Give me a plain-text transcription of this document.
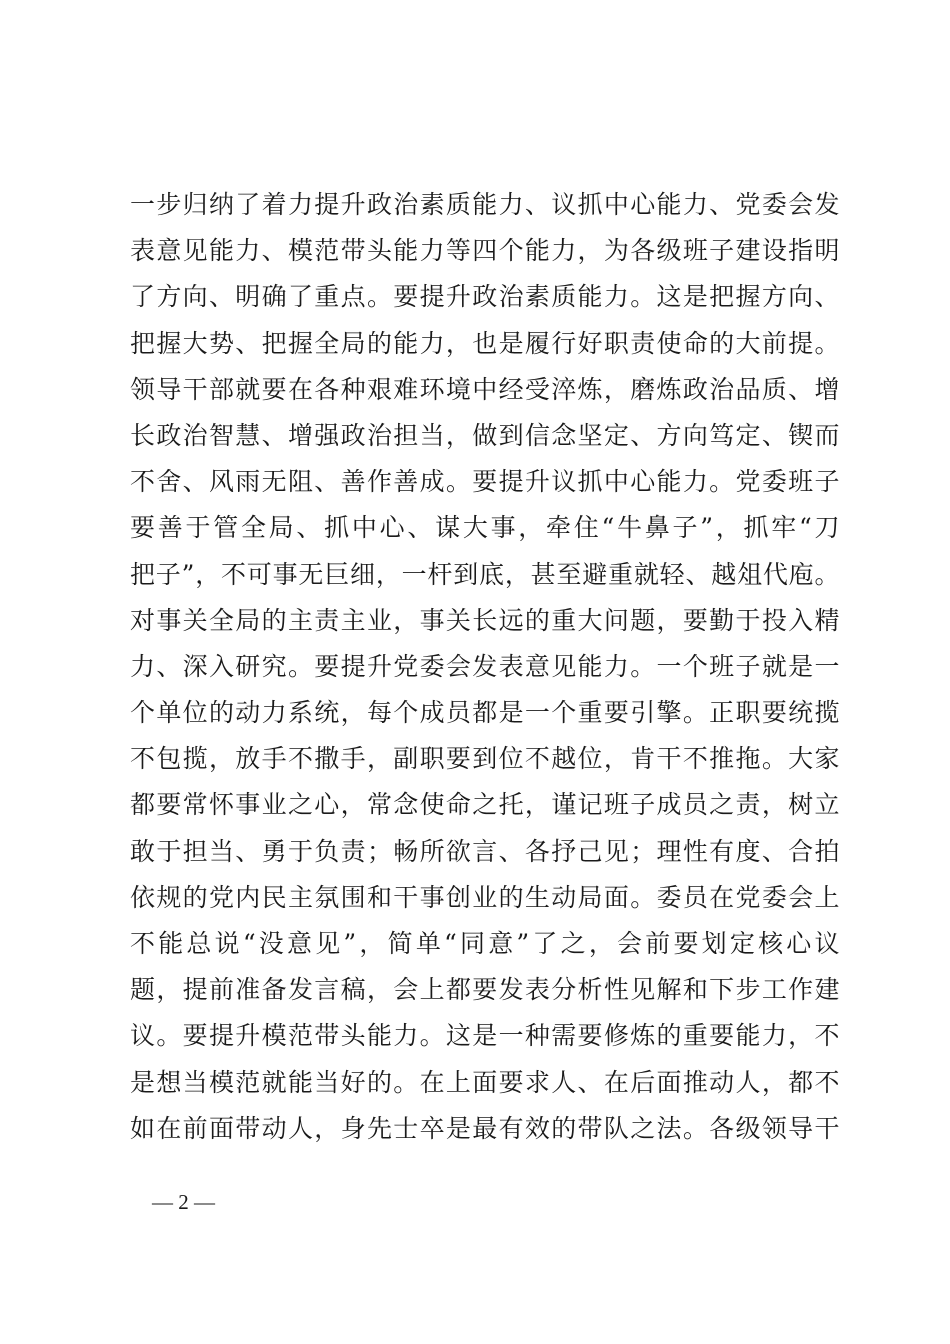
一步归纳了着力提升政治素质能力、议抓中心能力、党委会发
表意见能力、模范带头能力等四个能力，为各级班子建设指明
了方向、明确了重点。要提升政治素质能力。这是把握方向、
把握大势、把握全局的能力，也是履行好职责使命的大前提。
领导干部就要在各种艰难环境中经受淬炼，磨炼政治品质、增
长政治智慧、增强政治担当，做到信念坚定、方向笃定、锲而
不舍、风雨无阻、善作善成。要提升议抓中心能力。党委班子
要善于管全局、抓中心、谋大事，牵住“牛鼻子”，抓牢“刀
把子”，不可事无巨细，一杆到底，甚至避重就轻、越俎代庖。
对事关全局的主责主业，事关长远的重大问题，要勤于投入精
力、深入研究。要提升党委会发表意见能力。一个班子就是一
个单位的动力系统，每个成员都是一个重要引擎。正职要统揽
不包揽，放手不撒手，副职要到位不越位，肯干不推拖。大家
都要常怀事业之心，常念使命之托，谨记班子成员之责，树立
敢于担当、勇于负责；畅所欲言、各抒己见；理性有度、合拍
依规的党内民主氛围和干事创业的生动局面。委员在党委会上
不能总说“没意见”，简单“同意”了之，会前要划定核心议
题，提前准备发言稿，会上都要发表分析性见解和下步工作建
议。要提升模范带头能力。这是一种需要修炼的重要能力，不
是想当模范就能当好的。在上面要求人、在后面推动人，都不
如在前面带动人，身先士卒是最有效的带队之法。各级领导干
— 2 —
